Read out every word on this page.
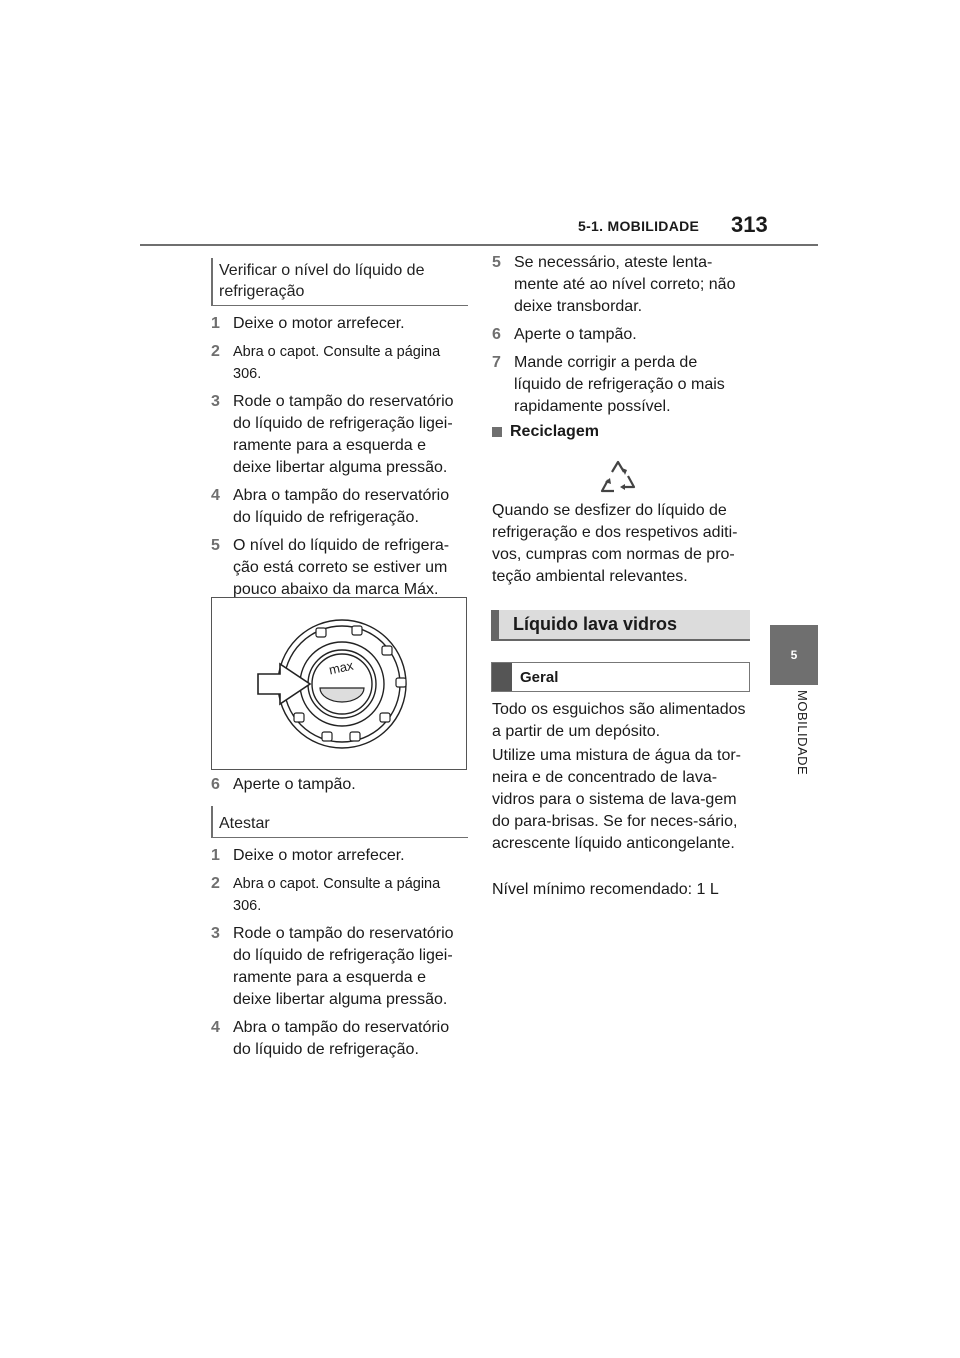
5-1. MOBILIDADE 313
5
MOBILIDADE
Verificar o nível do líquido de refrigeração
1 Deixe o motor arrefecer.
2 Abra o capot. Consulte a página 306.
3 Rode o tampão do reservatório do líquido de refrigeração ligei-ramente para a esquerda e deixe libertar alguma pressão.
4 Abra o tampão do reservatório do líquido de refrigeração.
5 O nível do líquido de refrigera-ção está correto se estiver um pouco abaixo da marca Máx.
max
6 Aperte o tampão.
Atestar
1 Deixe o motor arrefecer.
2 Abra o capot. Consulte a página 306.
3 Rode o tampão do reservatório do líquido de refrigeração ligei-ramente para a esquerda e deixe libertar alguma pressão.
4 Abra o tampão do reservatório do líquido de refrigeração.
5 Se necessário, ateste lenta-mente até ao nível correto; não deixe transbordar.
6 Aperte o tampão.
7 Mande corrigir a perda de líquido de refrigeração o mais rapidamente possível.
Reciclagem

Quando se desfizer do líquido de refrigeração e dos respetivos aditi-vos, cumpras com normas de pro-teção ambiental relevantes.

Líquido lava vidros
Geral

Todo os esguichos são alimentados a partir de um depósito.

Utilize uma mistura de água da tor-neira e de concentrado de lava-vidros para o sistema de lava-gem do para-brisas. Se for neces-sário, acrescente líquido anticongelante.

Nível mínimo recomendado: 1 L
